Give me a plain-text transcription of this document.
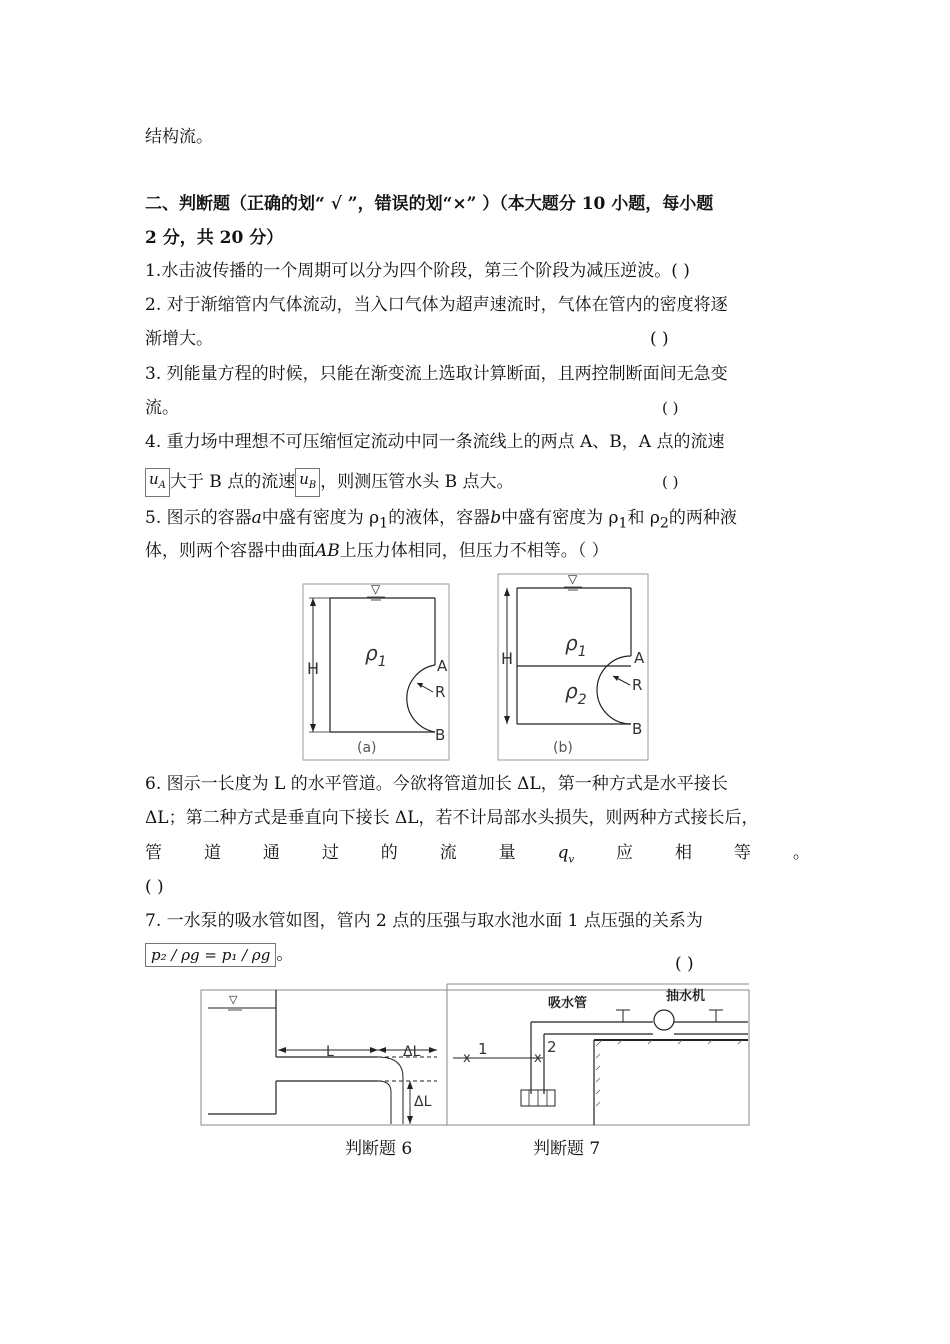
结构流。
二、判断题（正确的划“ √ ”，错误的划“×” ）（本大题分 10 小题，每小题
2 分，共 20 分）
1.水击波传播的一个周期可以分为四个阶段，第三个阶段为减压逆波。( )
2. 对于渐缩管内气体流动，当入口气体为超声速流时，气体在管内的密度将逐
渐增大。	( )
3. 列能量方程的时候，只能在渐变流上选取计算断面，且两控制断面间无急变
流。	( )
4. 重力场中理想不可压缩恒定流动中同一条流线上的两点 A、B，A 点的流速
$u_A$ 大于 B 点的流速 $u_B$ ，则测压管水头 B 点大。	( )
5. 图示的容器a中盛有密度为 $\rho_1$的液体，容器b中盛有密度为 $\rho_1$和 $\rho_2$的两种液
体，则两个容器中曲面AB上压力体相同，但压力不相等。（ ）
▽
H
$\rho_1$	A
R
B
(a)
▽
H
$\rho_1$
$\rho_2$
A
R
B
(b)
6. 图示一长度为 L 的水平管道。今欲将管道加长 ΔL，第一种方式是水平接长
ΔL；第二种方式是垂直向下接长 ΔL，若不计局部水头损失，则两种方式接长后，
管 道 通 过 的 流 量 $q_v$ 应 相 等 。
( )
7. 一水泵的吸水管如图，管内 2 点的压强与取水池水面 1 点压强的关系为
p₂ / ρg = p₁ / ρg 。	( )
▽
L	ΔL
ΔL
x
1
x
2
吸水管	抽水机
判断题 6	判断题 7
